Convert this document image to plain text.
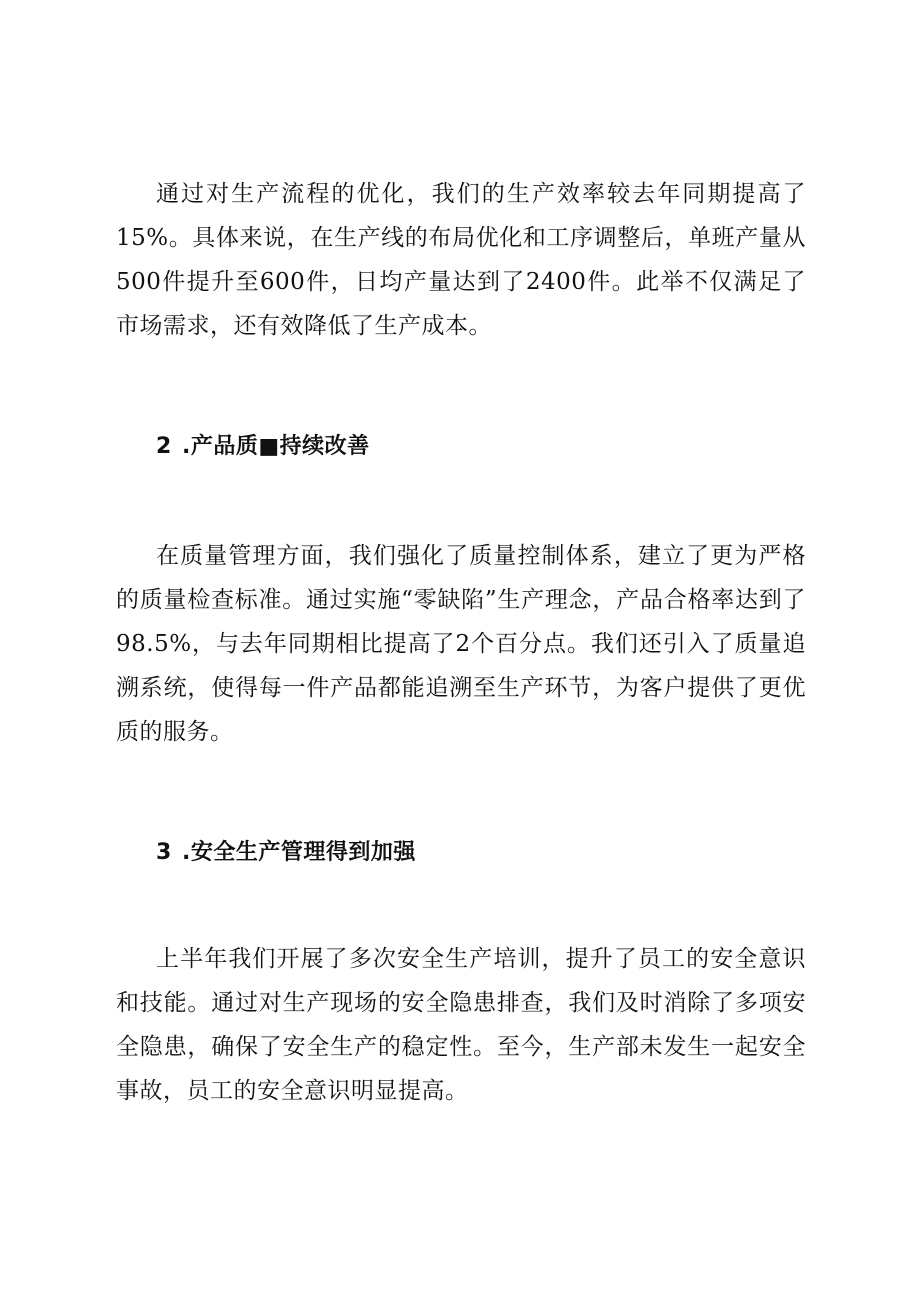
通过对生产流程的优化，我们的生产效率较去年同期提高了15%。具体来说，在生产线的布局优化和工序调整后，单班产量从500件提升至600件，日均产量达到了2400件。此举不仅满足了市场需求，还有效降低了生产成本。

2 .产品质■持续改善

在质量管理方面，我们强化了质量控制体系，建立了更为严格的质量检查标准。通过实施“零缺陷”生产理念，产品合格率达到了98.5%，与去年同期相比提高了2个百分点。我们还引入了质量追溯系统，使得每一件产品都能追溯至生产环节，为客户提供了更优质的服务。

3 .安全生产管理得到加强

上半年我们开展了多次安全生产培训，提升了员工的安全意识和技能。通过对生产现场的安全隐患排查，我们及时消除了多项安全隐患，确保了安全生产的稳定性。至今，生产部未发生一起安全事故，员工的安全意识明显提高。
